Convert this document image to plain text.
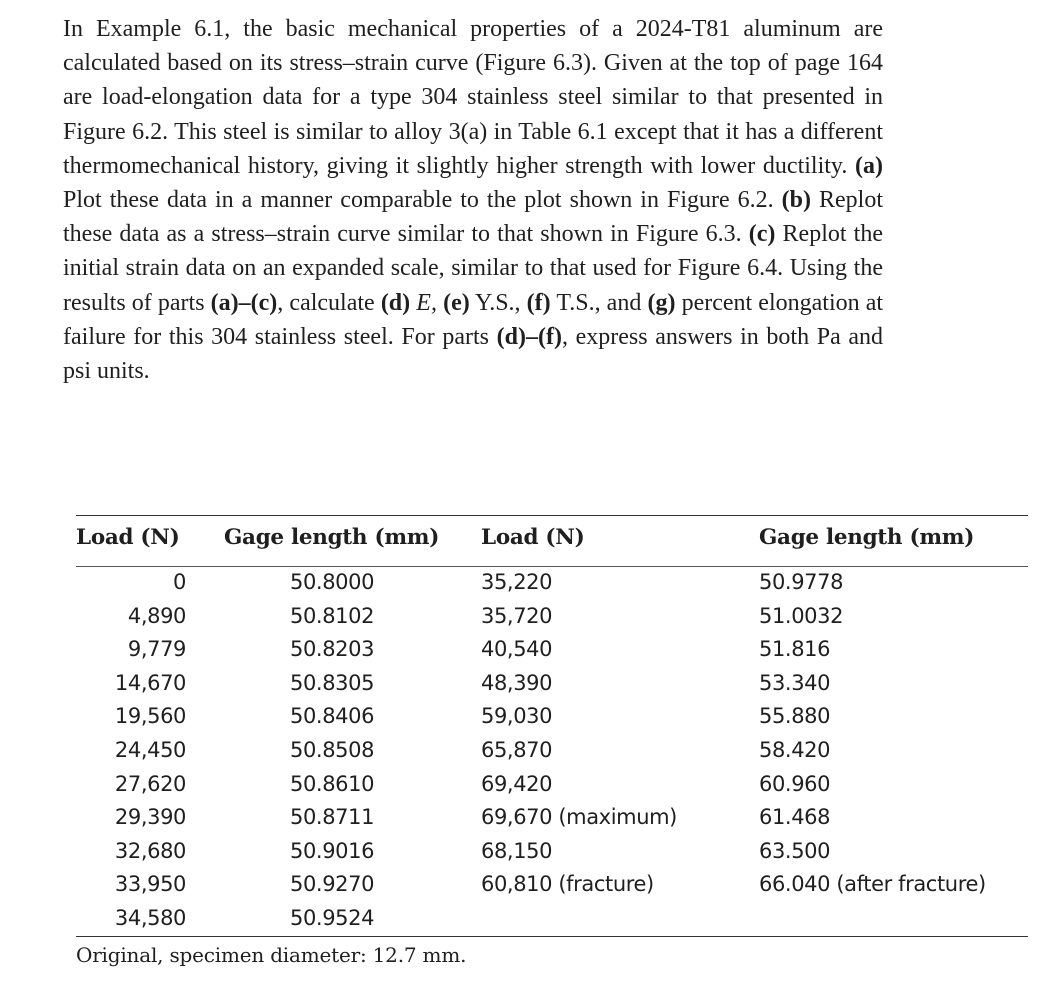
In Example 6.1, the basic mechanical properties of a 2024-T81 aluminum are calculated based on its stress–strain curve (Figure 6.3). Given at the top of page 164 are load-elongation data for a type 304 stainless steel similar to that presented in Figure 6.2. This steel is similar to alloy 3(a) in Table 6.1 except that it has a different thermomechanical history, giving it slightly higher strength with lower ductility. (a) Plot these data in a manner comparable to the plot shown in Figure 6.2. (b) Replot these data as a stress–strain curve similar to that shown in Figure 6.3. (c) Replot the initial strain data on an expanded scale, similar to that used for Figure 6.4. Using the results of parts (a)–(c), calculate (d) E, (e) Y.S., (f) T.S., and (g) percent elongation at failure for this 304 stainless steel. For parts (d)–(f), express answers in both Pa and psi units.
Load (N) Gage length (mm) Load (N)	Gage length (mm)
0
4,890
9,779
14,670
19,560
24,450
27,620
29,390
32,680
33,950
34,580
50.8000
50.8102
50.8203
50.8305
50.8406
50.8508
50.8610
50.8711
50.9016
50.9270
50.9524
35,220
35,720
40,540
48,390
59,030
65,870
69,420
69,670 (maximum)
68,150
60,810 (fracture)
50.9778
51.0032
51.816
53.340
55.880
58.420
60.960
61.468
63.500
66.040 (after fracture)
Original, specimen diameter: 12.7 mm.
